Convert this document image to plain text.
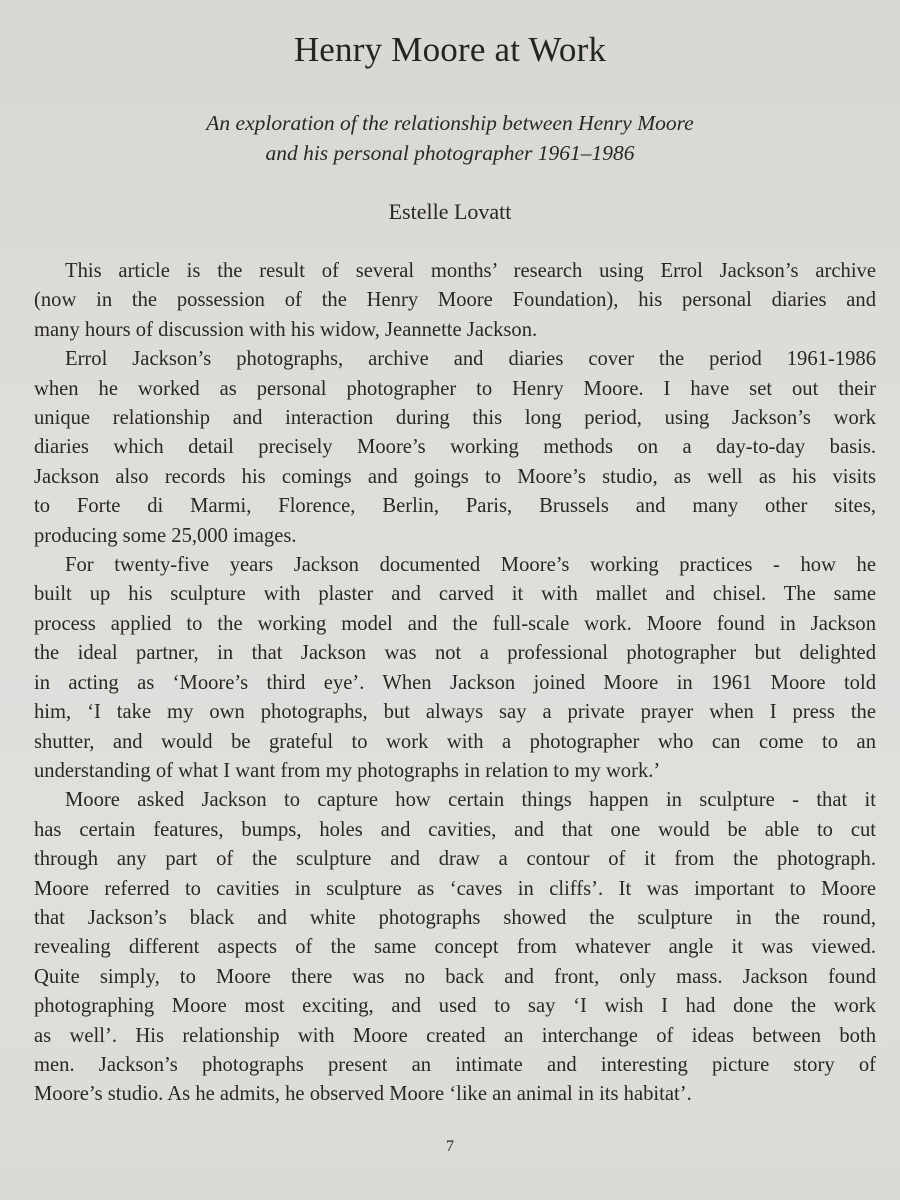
Henry Moore at Work
An exploration of the relationship between Henry Moore
and his personal photographer 1961–1986
Estelle Lovatt

This article is the result of several months’ research using Errol Jackson’s archive
(now in the possession of the Henry Moore Foundation), his personal diaries and
many hours of discussion with his widow, Jeannette Jackson.

Errol Jackson’s photographs, archive and diaries cover the period 1961-1986
when he worked as personal photographer to Henry Moore. I have set out their
unique relationship and interaction during this long period, using Jackson’s work
diaries which detail precisely Moore’s working methods on a day-to-day basis.
Jackson also records his comings and goings to Moore’s studio, as well as his visits
to Forte di Marmi, Florence, Berlin, Paris, Brussels and many other sites,
producing some 25,000 images.

For twenty-five years Jackson documented Moore’s working practices - how he
built up his sculpture with plaster and carved it with mallet and chisel. The same
process applied to the working model and the full-scale work. Moore found in Jackson
the ideal partner, in that Jackson was not a professional photographer but delighted
in acting as ‘Moore’s third eye’. When Jackson joined Moore in 1961 Moore told
him, ‘I take my own photographs, but always say a private prayer when I press the
shutter, and would be grateful to work with a photographer who can come to an
understanding of what I want from my photographs in relation to my work.’

Moore asked Jackson to capture how certain things happen in sculpture - that it
has certain features, bumps, holes and cavities, and that one would be able to cut
through any part of the sculpture and draw a contour of it from the photograph.
Moore referred to cavities in sculpture as ‘caves in cliffs’. It was important to Moore
that Jackson’s black and white photographs showed the sculpture in the round,
revealing different aspects of the same concept from whatever angle it was viewed.
Quite simply, to Moore there was no back and front, only mass. Jackson found
photographing Moore most exciting, and used to say ‘I wish I had done the work
as well’. His relationship with Moore created an interchange of ideas between both
men. Jackson’s photographs present an intimate and interesting picture story of
Moore’s studio. As he admits, he observed Moore ‘like an animal in its habitat’.

7
